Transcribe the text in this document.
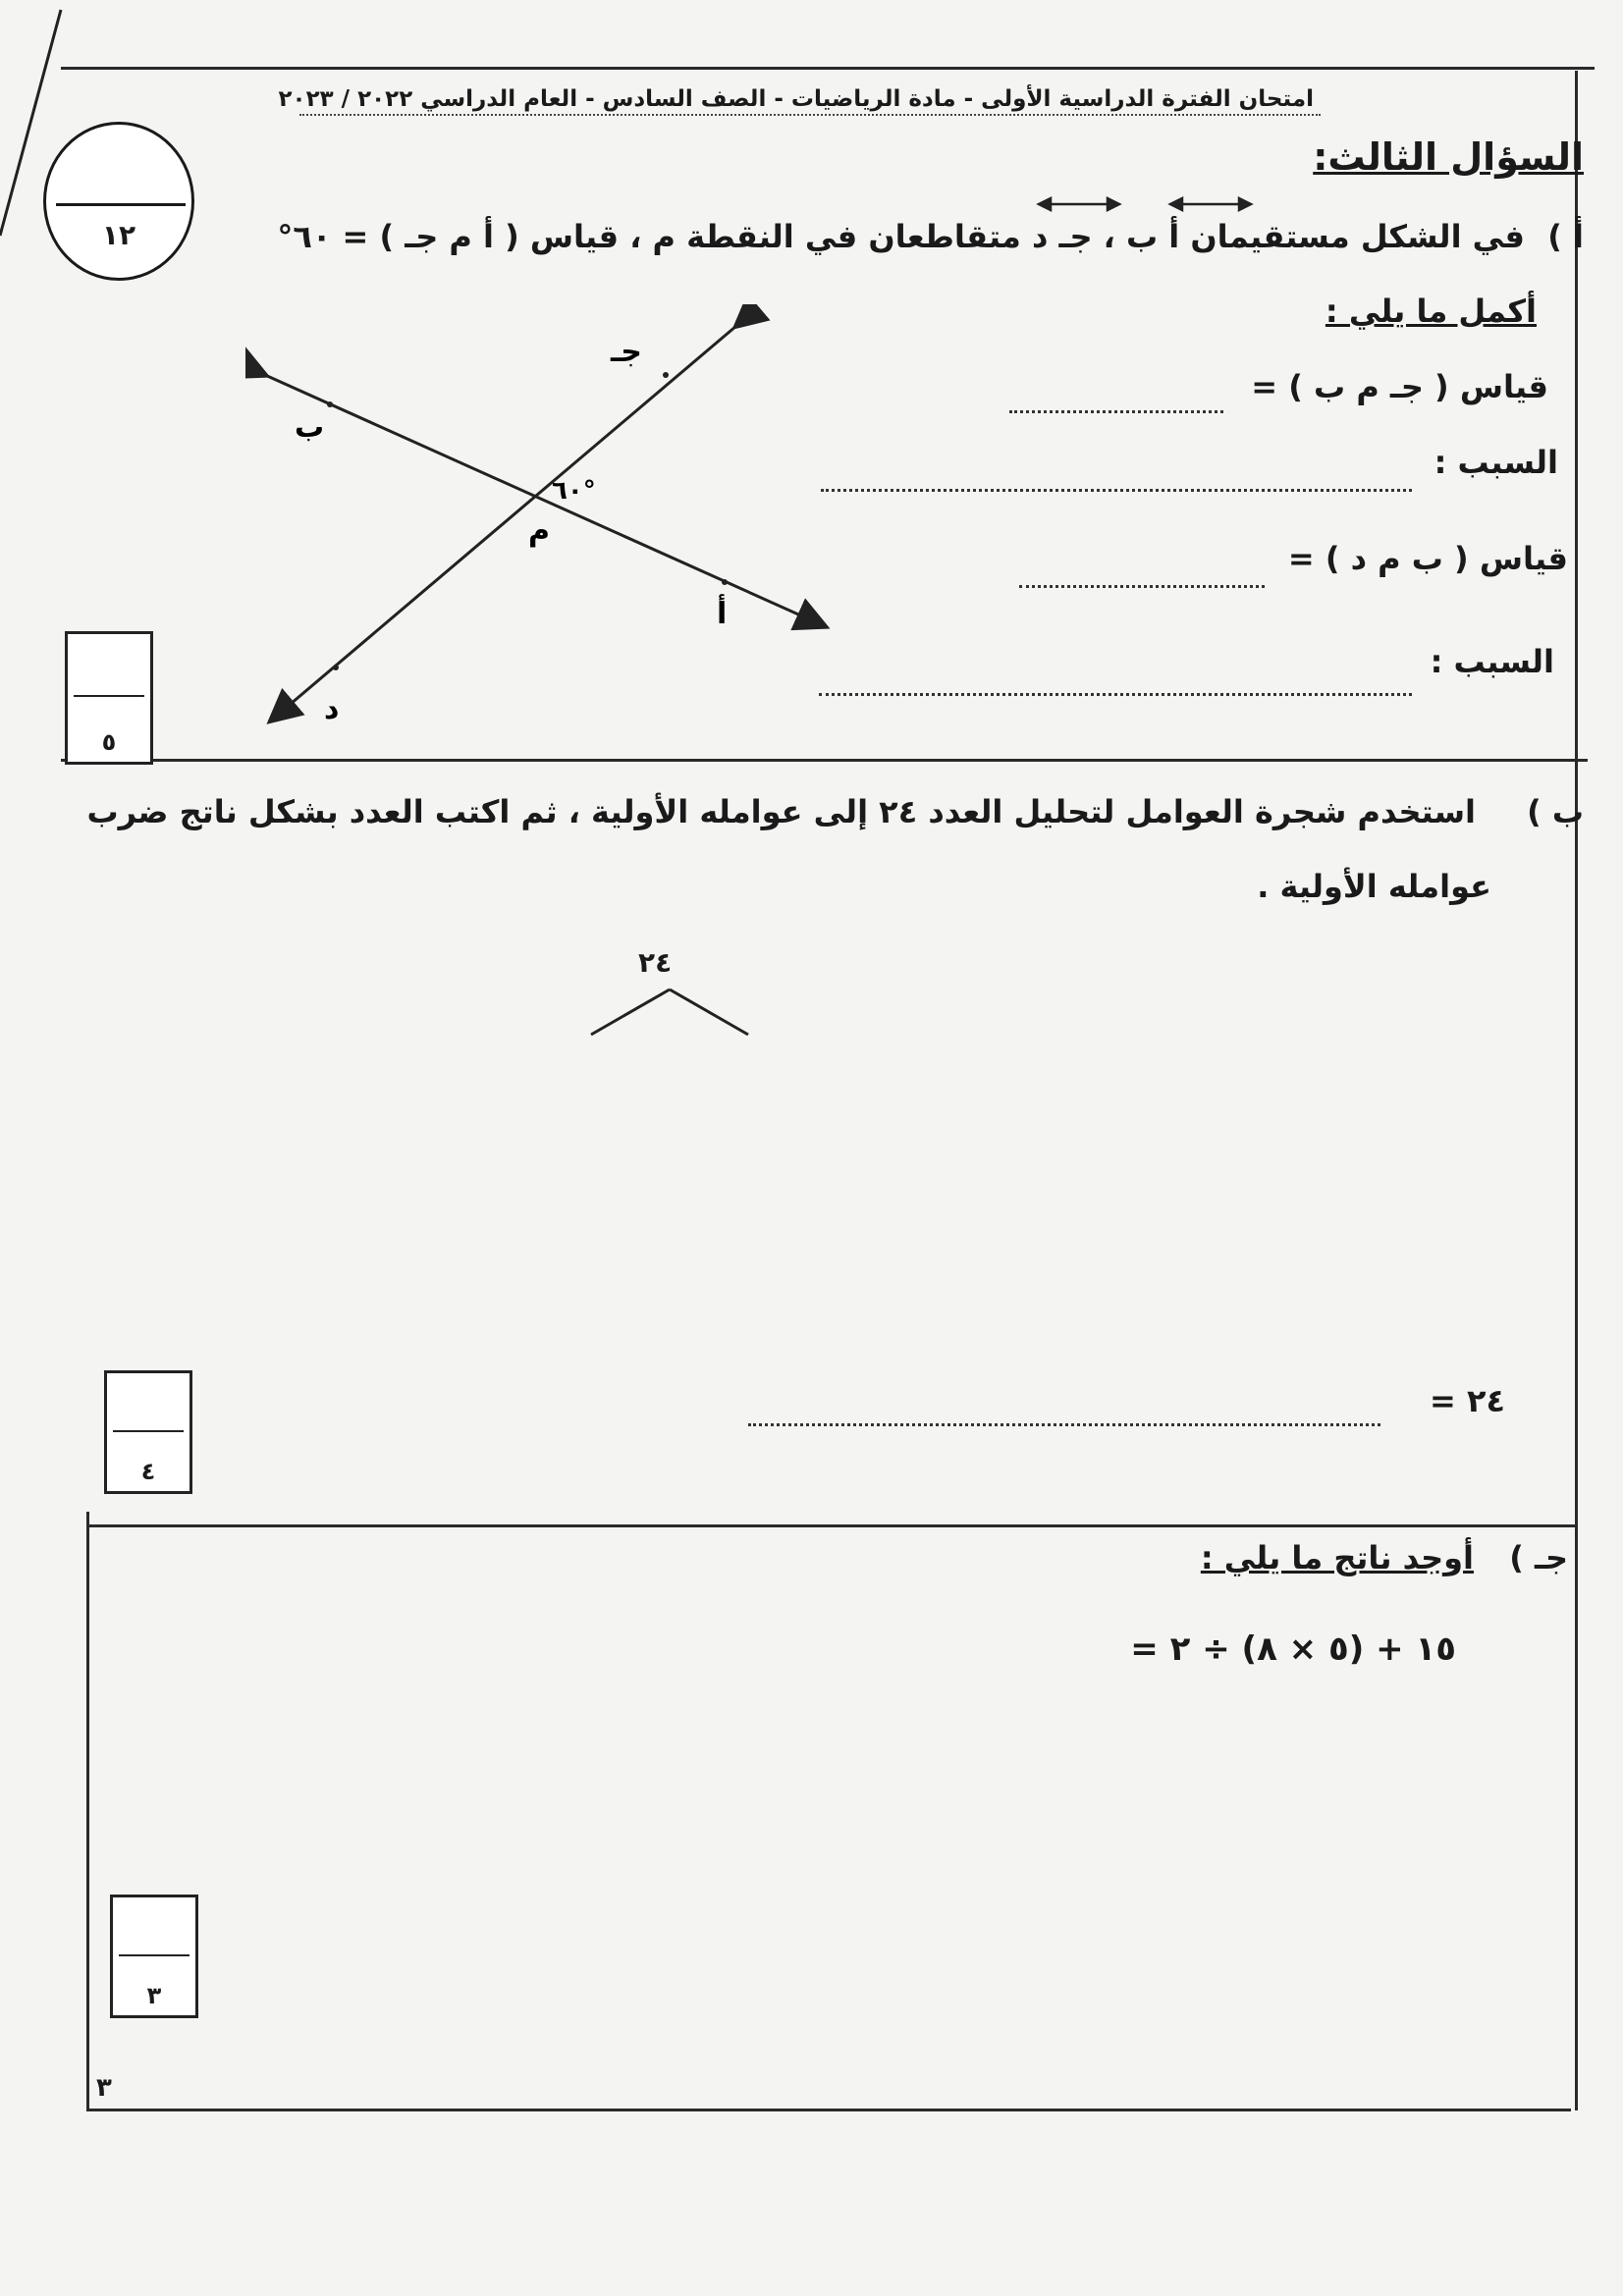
امتحان الفترة الدراسية الأولى - مادة الرياضيات - الصف السادس - العام الدراسي ٢٠٢٢ / ٢٠٢٣
١٢
السؤال الثالث:
أ )
في الشكل مستقيمان أ ب ، جـ د متقاطعان في النقطة م ، قياس ( أ م جـ ) = ٦٠°
أكمل ما يلي :
قياس ( جـ م ب ) =
السبب :
قياس ( ب م د ) =
السبب :
ب
أ
جـ
د
م
٦٠°
٥
ب )
استخدم شجرة العوامل لتحليل العدد ٢٤ إلى عوامله الأولية ، ثم اكتب العدد بشكل ناتج ضرب
عوامله الأولية .
٢٤
٢٤ =
٤
جـ )
أوجد ناتج ما يلي :
١٥ + (٥ × ٨) ÷ ٢ =
٣
٣
